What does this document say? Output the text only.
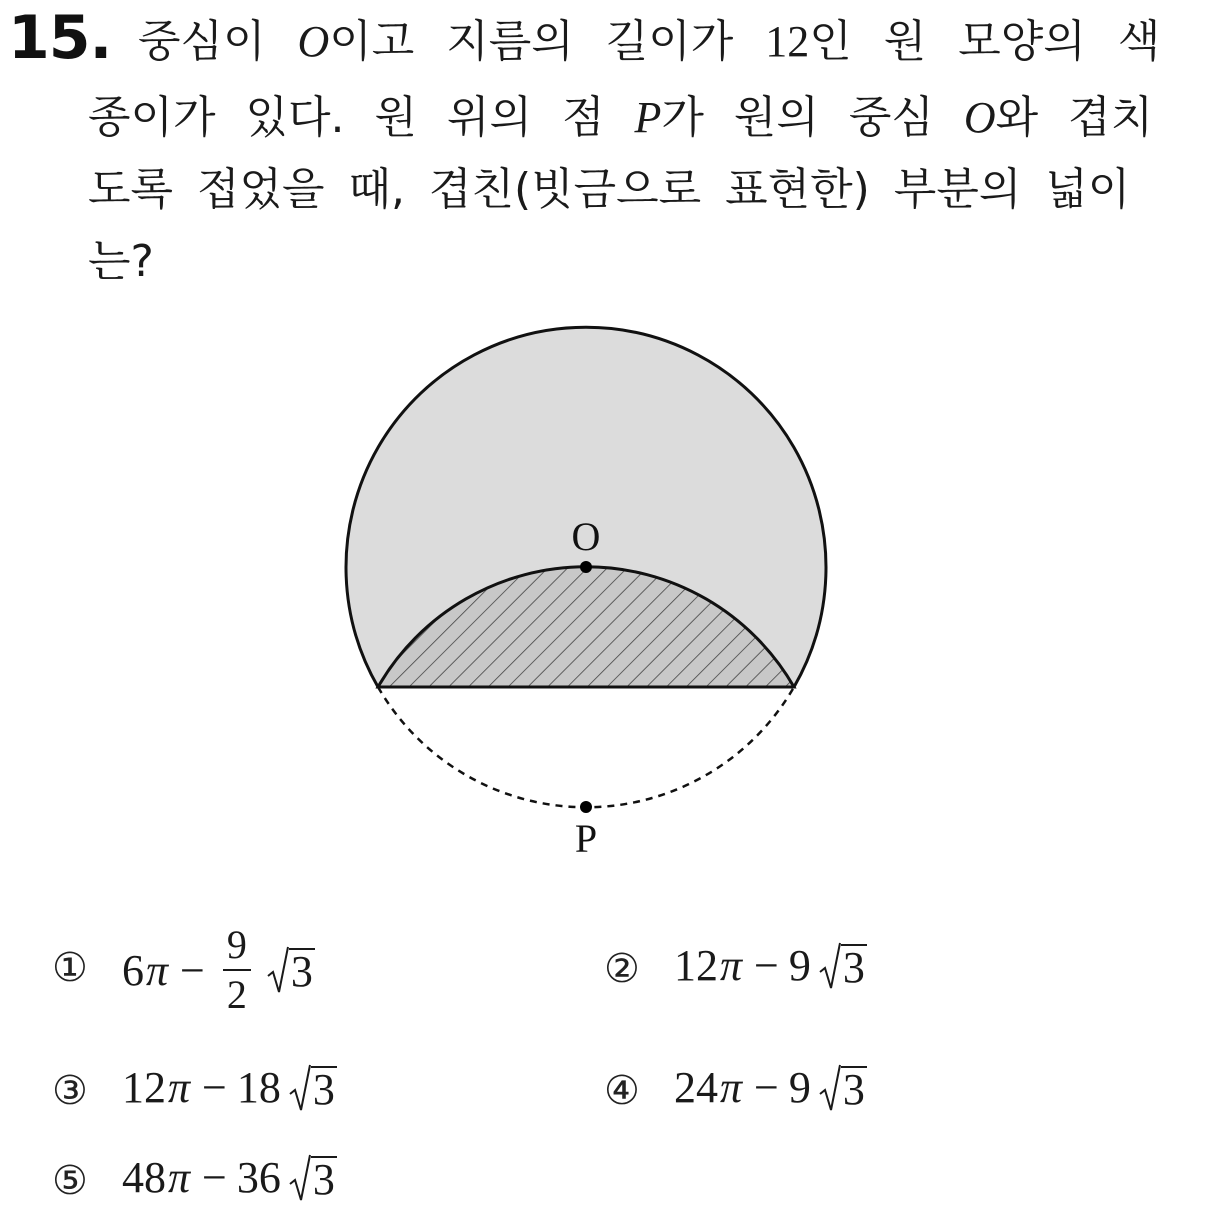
15. 중심이 O이고 지름의 길이가 12인 원 모양의 색
종이가 있다. 원 위의 점 P가 원의 중심 O와 겹치
도록 접었을 때, 겹친(빗금으로 표현한) 부분의 넓이
는?
O
P
① 6 $\pi - \frac{9}{2} 3$	② 12 π − 9 3
③ 12 π − 18 3	④ 24 π − 9 3
⑤ 48 π − 36 3
